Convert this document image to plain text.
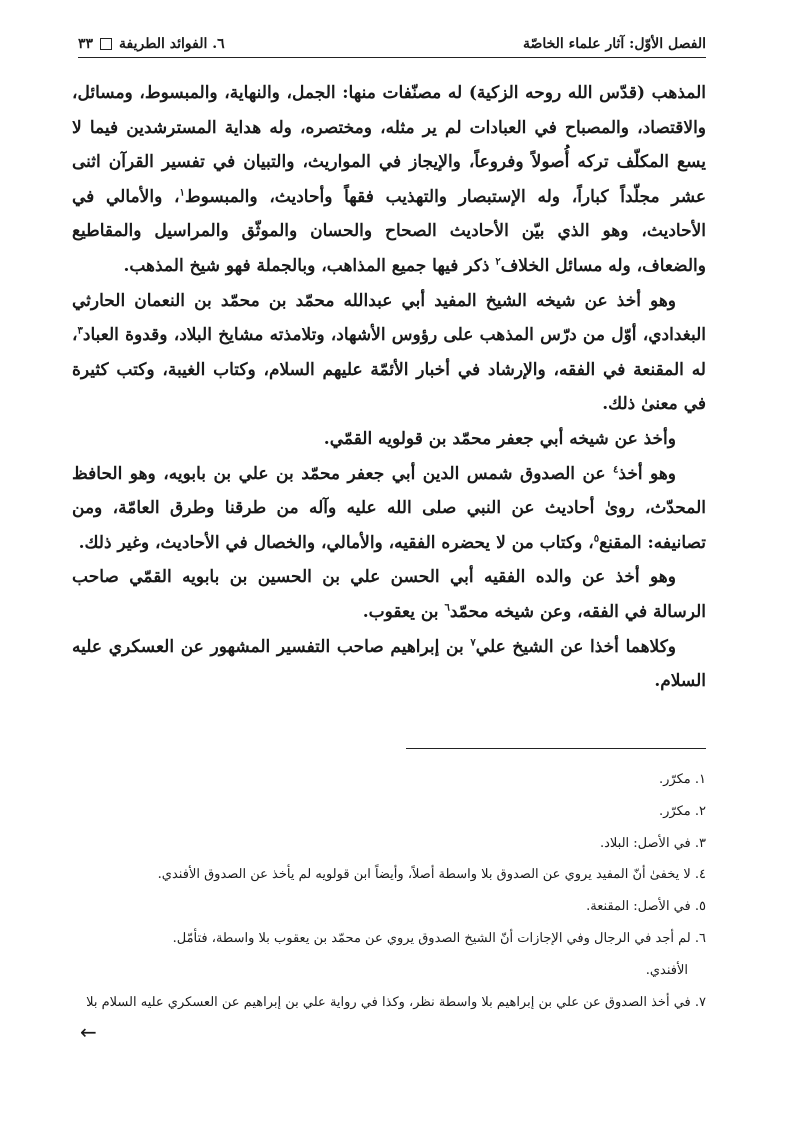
الفصل الأوّل: آثار علماء الخاصّة
٦. الفوائد الطريفة
٣٣

المذهب (قدّس الله روحه الزكية) له مصنّفات منها: الجمل، والنهاية، والمبسوط، ومسائل، والاقتصاد، والمصباح في العبادات لم ير مثله، ومختصره، وله هداية المسترشدين فيما لا يسع المكلّف تركه أُصولاً وفروعاً، والإيجاز في المواريث، والتبيان في تفسير القرآن اثنى عشر مجلّداً كباراً، وله الإستبصار والتهذيب فقهاً وأحاديث، والمبسوط$^١$، والأمالي في الأحاديث، وهو الذي بيّن الأحاديث الصحاح والحسان والموثّق والمراسيل والمقاطيع والضعاف، وله مسائل الخلاف$^٢$ ذكر فيها جميع المذاهب، وبالجملة فهو شيخ المذهب.

وهو أخذ عن شيخه الشيخ المفيد أبي عبدالله محمّد بن محمّد بن النعمان الحارثي البغدادي، أوّل من درّس المذهب على رؤوس الأشهاد، وتلامذته مشايخ البلاد، وقدوة العباد$^٣$، له المقنعة في الفقه، والإرشاد في أخبار الأئمّة عليهم السلام، وكتاب الغيبة، وكتب كثيرة في معنىٰ ذلك.

وأخذ عن شيخه أبي جعفر محمّد بن قولويه القمّي.

وهو أخذ$^٤$ عن الصدوق شمس الدين أبي جعفر محمّد بن علي بن بابويه، وهو الحافظ المحدّث، روىٰ أحاديث عن النبي صلى الله عليه وآله من طرقنا وطرق العامّة، ومن تصانيفه: المقنع$^٥$، وكتاب من لا يحضره الفقيه، والأمالي، والخصال في الأحاديث، وغير ذلك.

وهو أخذ عن والده الفقيه أبي الحسن علي بن الحسين بن بابويه القمّي صاحب الرسالة في الفقه، وعن شيخه محمّد$^٦$ بن يعقوب.

وكلاهما أخذا عن الشيخ علي$^٧$ بن إبراهيم صاحب التفسير المشهور عن العسكري عليه السلام.

١. مكرّر.
٢. مكرّر.
٣. في الأصل: البلاد.
٤. لا يخفىٰ أنّ المفيد يروي عن الصدوق بلا واسطة أصلاً، وأيضاً ابن قولويه لم يأخذ عن الصدوق الأفندي.
٥. في الأصل: المقنعة.
٦. لم أجد في الرجال وفي الإجازات أنّ الشيخ الصدوق يروي عن محمّد بن يعقوب بلا واسطة، فتأمّل.
الأفندي.
٧. في أخذ الصدوق عن علي بن إبراهيم بلا واسطة نظر، وكذا في رواية علي بن إبراهيم عن العسكري عليه السلام بلا
←
